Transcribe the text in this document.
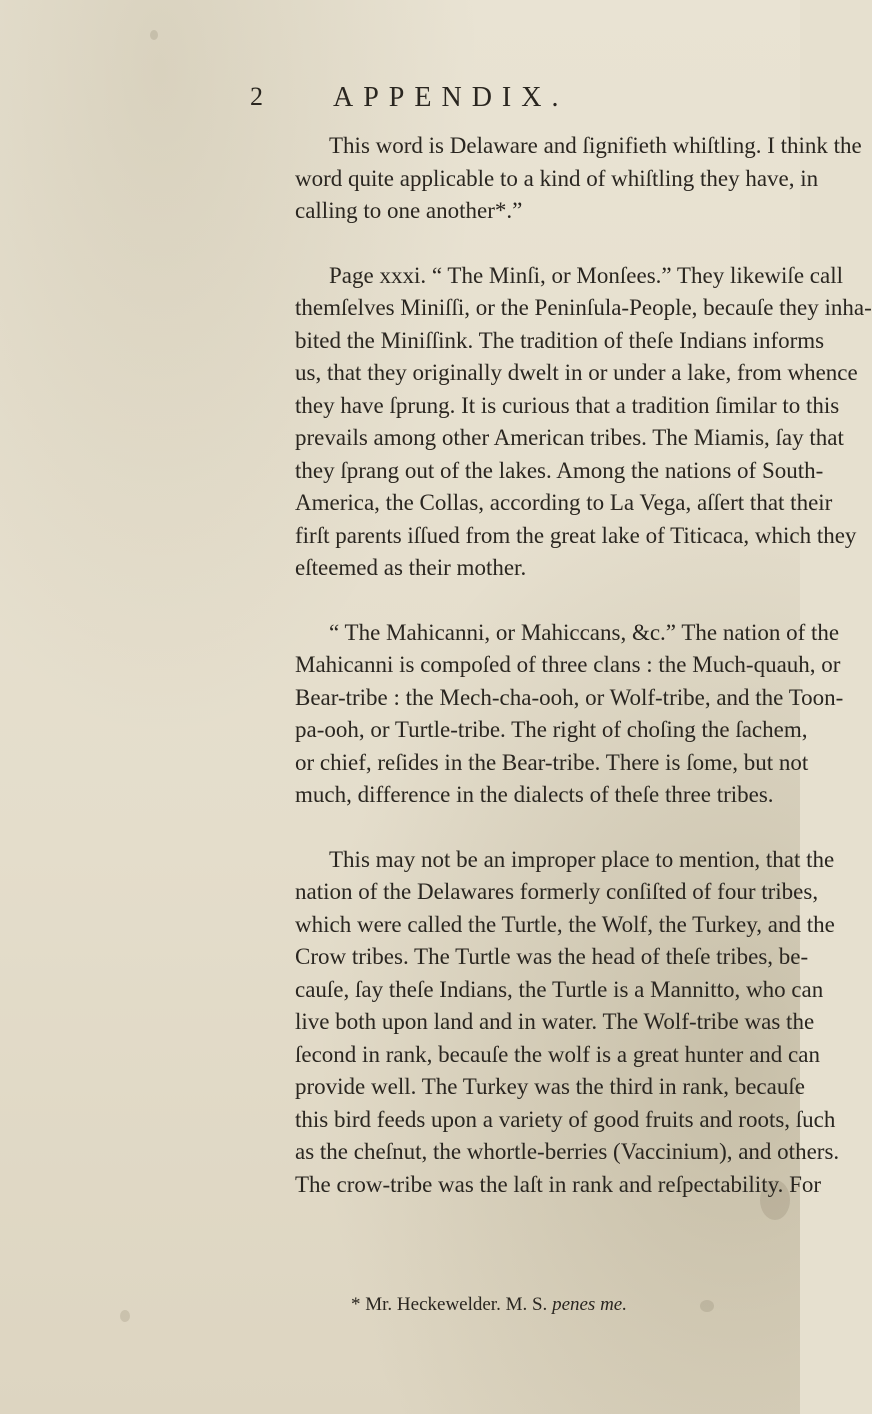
2 APPENDIX.
This word is Delaware and ſignifieth whiſtling. I think the
word quite applicable to a kind of whiſtling they have, in
calling to one another*.”
Page xxxi. “ The Minſi, or Monſees.” They likewiſe call
themſelves Miniſſi, or the Peninſula-People, becauſe they inha-
bited the Miniſſink. The tradition of theſe Indians informs
us, that they originally dwelt in or under a lake, from whence
they have ſprung. It is curious that a tradition ſimilar to this
prevails among other American tribes. The Miamis, ſay that
they ſprang out of the lakes. Among the nations of South-
America, the Collas, according to La Vega, aſſert that their
firſt parents iſſued from the great lake of Titicaca, which they
eſteemed as their mother.
“ The Mahicanni, or Mahiccans, &c.” The nation of the
Mahicanni is compoſed of three clans : the Much-quauh, or
Bear-tribe : the Mech-cha-ooh, or Wolf-tribe, and the Toon-
pa-ooh, or Turtle-tribe. The right of choſing the ſachem,
or chief, reſides in the Bear-tribe. There is ſome, but not
much, difference in the dialects of theſe three tribes.
This may not be an improper place to mention, that the
nation of the Delawares formerly conſiſted of four tribes,
which were called the Turtle, the Wolf, the Turkey, and the
Crow tribes. The Turtle was the head of theſe tribes, be-
cauſe, ſay theſe Indians, the Turtle is a Mannitto, who can
live both upon land and in water. The Wolf-tribe was the
ſecond in rank, becauſe the wolf is a great hunter and can
provide well. The Turkey was the third in rank, becauſe
this bird feeds upon a variety of good fruits and roots, ſuch
as the cheſnut, the whortle-berries (Vaccinium), and others.
The crow-tribe was the laſt in rank and reſpectability. For
* Mr. Heckewelder. M. S. penes me.
